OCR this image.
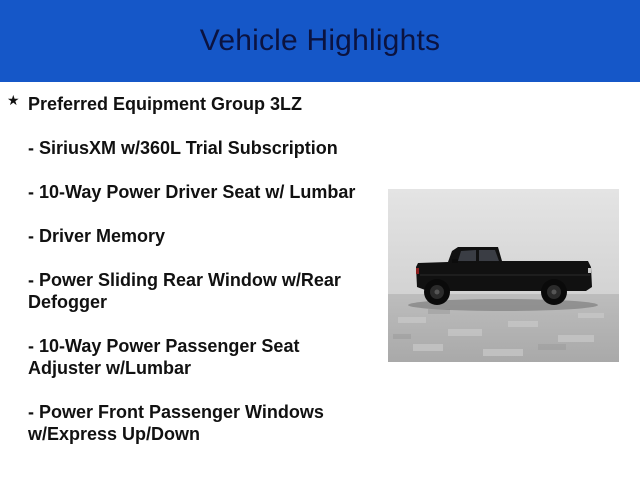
Vehicle Highlights
★ Preferred Equipment Group 3LZ
- SiriusXM w/360L Trial Subscription
- 10-Way Power Driver Seat w/ Lumbar
- Driver Memory
- Power Sliding Rear Window w/Rear Defogger
- 10-Way Power Passenger Seat Adjuster w/Lumbar
- Power Front Passenger Windows w/Express Up/Down
